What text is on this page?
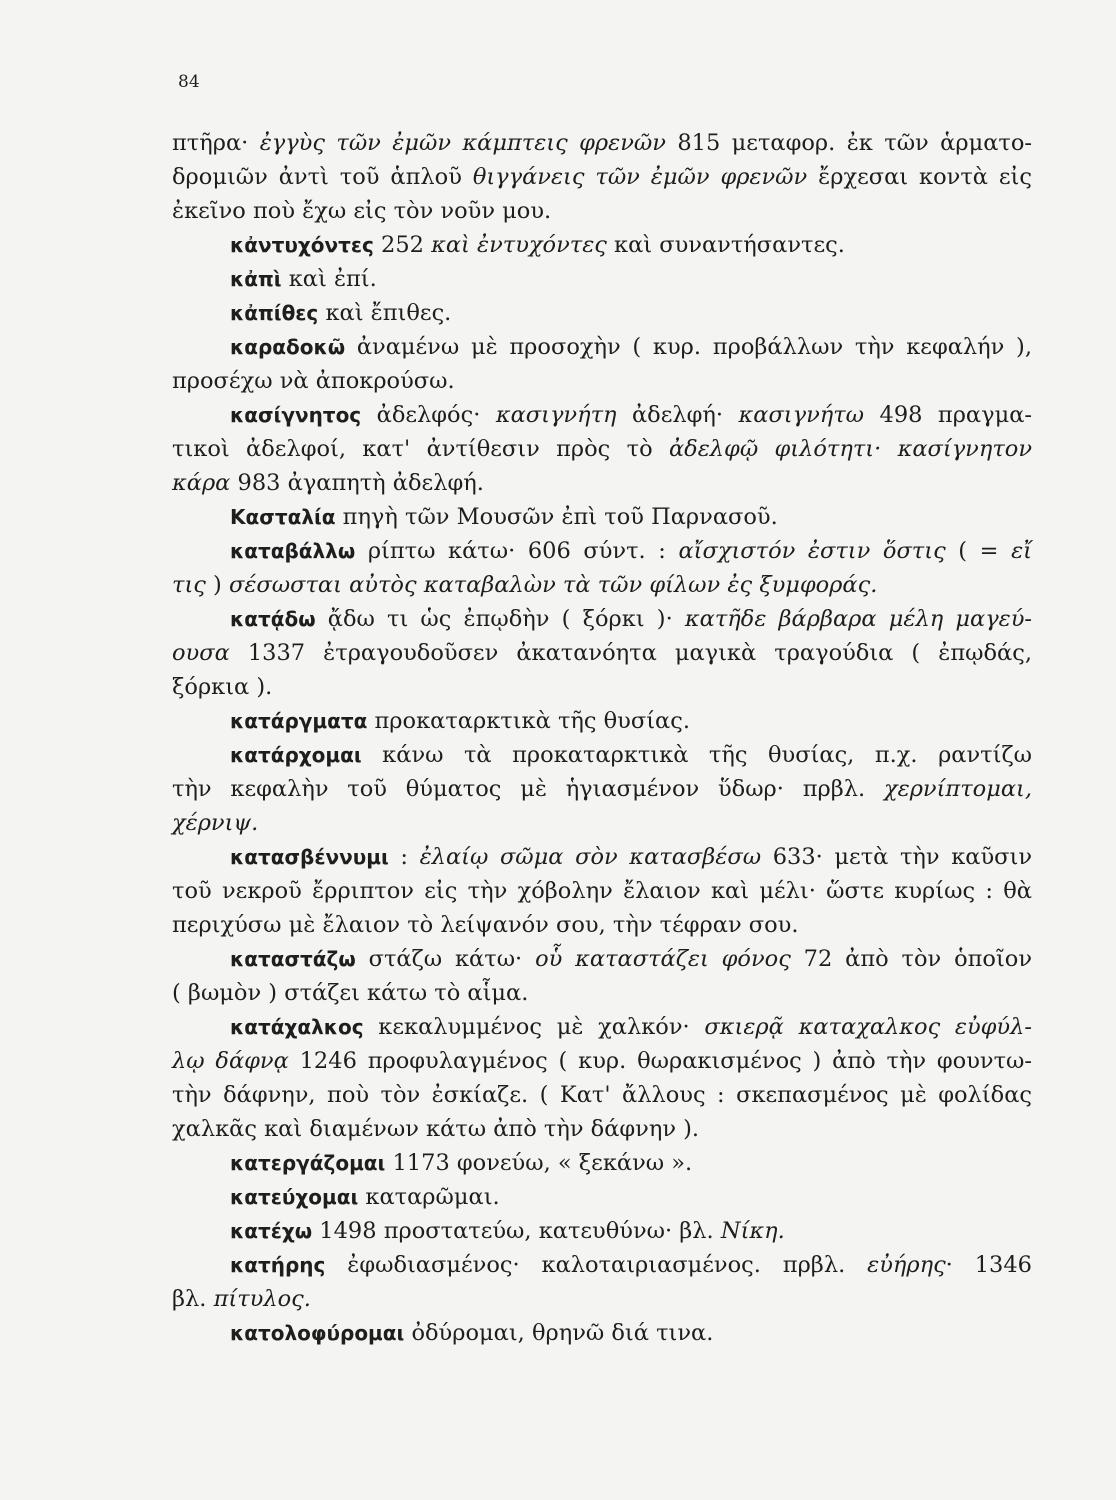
84
πτῆρα· ἐγγὺς τῶν ἐμῶν κάμπτεις φρενῶν 815 μεταφορ. ἐκ τῶν ἁρματο-
δρομιῶν ἀντὶ τοῦ ἁπλοῦ θιγγάνεις τῶν ἐμῶν φρενῶν ἔρχεσαι κοντὰ εἰς
ἐκεῖνο ποὺ ἔχω εἰς τὸν νοῦν μου.
κἀντυχόντες 252 καὶ ἐντυχόντες καὶ συναντήσαντες.
κἀπὶ καὶ ἐπί.
κἀπίθες καὶ ἔπιθες.
καραδοκῶ ἀναμένω μὲ προσοχὴν ( κυρ. προβάλλων τὴν κεφαλήν ),
προσέχω νὰ ἀποκρούσω.
κασίγνητος ἀδελφός· κασιγνήτη ἀδελφή· κασιγνήτω 498 πραγμα-
τικοὶ ἀδελφοί, κατ' ἀντίθεσιν πρὸς τὸ ἀδελφῷ φιλότητι· κασίγνητον
κάρα 983 ἀγαπητὴ ἀδελφή.
Κασταλία πηγὴ τῶν Μουσῶν ἐπὶ τοῦ Παρνασοῦ.
καταβάλλω ρίπτω κάτω· 606 σύντ. : αἴσχιστόν ἐστιν ὅστις ( = εἴ
τις ) σέσωσται αὐτὸς καταβαλὼν τὰ τῶν φίλων ἐς ξυμφοράς.
κατᾴδω ᾄδω τι ὡς ἐπῳδὴν ( ξόρκι )· κατῆδε βάρβαρα μέλη μαγεύ-
ουσα 1337 ἐτραγουδοῦσεν ἀκατανόητα μαγικὰ τραγούδια ( ἐπῳδάς,
ξόρκια ).
κατάργματα προκαταρκτικὰ τῆς θυσίας.
κατάρχομαι κάνω τὰ προκαταρκτικὰ τῆς θυσίας, π.χ. ραντίζω
τὴν κεφαλὴν τοῦ θύματος μὲ ἡγιασμένον ὕδωρ· πρβλ. χερνίπτομαι,
χέρνιψ.
κατασβέννυμι : ἐλαίῳ σῶμα σὸν κατασβέσω 633· μετὰ τὴν καῦσιν
τοῦ νεκροῦ ἔρριπτον εἰς τὴν χόβολην ἔλαιον καὶ μέλι· ὥστε κυρίως : θὰ
περιχύσω μὲ ἔλαιον τὸ λείψανόν σου, τὴν τέφραν σου.
καταστάζω στάζω κάτω· οὗ καταστάζει φόνος 72 ἀπὸ τὸν ὁποῖον
( βωμὸν ) στάζει κάτω τὸ αἷμα.
κατάχαλκος κεκαλυμμένος μὲ χαλκόν· σκιερᾷ καταχαλκος εὐφύλ-
λῳ δάφνᾳ 1246 προφυλαγμένος ( κυρ. θωρακισμένος ) ἀπὸ τὴν φουντω-
τὴν δάφνην, ποὺ τὸν ἐσκίαζε. ( Κατ' ἄλλους : σκεπασμένος μὲ φολίδας
χαλκᾶς καὶ διαμένων κάτω ἀπὸ τὴν δάφνην ).
κατεργάζομαι 1173 φονεύω, « ξεκάνω ».
κατεύχομαι καταρῶμαι.
κατέχω 1498 προστατεύω, κατευθύνω· βλ. Νίκη.
κατήρης ἐφωδιασμένος· καλοταιριασμένος. πρβλ. εὐήρης· 1346
βλ. πίτυλος.
κατολοφύρομαι ὀδύρομαι, θρηνῶ διά τινα.
